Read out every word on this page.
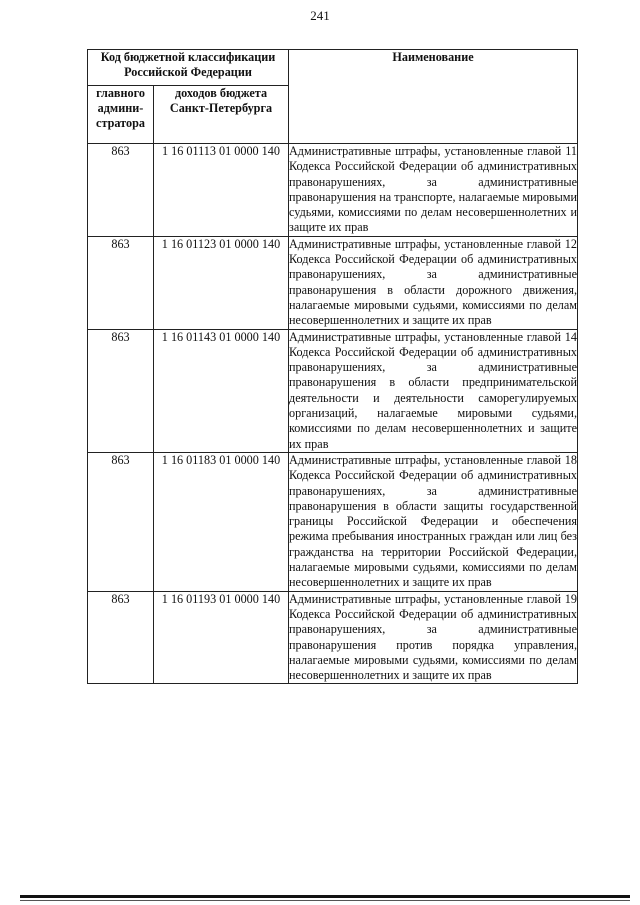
241
Код бюджетной классификации Российской Федерации		Наименование
главного админи-стратора	доходов бюджета Санкт-Петербурга	
863	1 16 01113 01 0000 140	Административные штрафы, установленные главой 11 Кодекса Российской Федерации об административных правонарушениях, за административные правонарушения на транспорте, налагаемые мировыми судьями, комиссиями по делам несовершеннолетних и защите их прав
863	1 16 01123 01 0000 140	Административные штрафы, установленные главой 12 Кодекса Российской Федерации об административных правонарушениях, за административные правонарушения в области дорожного движения, налагаемые мировыми судьями, комиссиями по делам несовершеннолетних и защите их прав
863	1 16 01143 01 0000 140	Административные штрафы, установленные главой 14 Кодекса Российской Федерации об административных правонарушениях, за административные правонарушения в области предпринимательской деятельности и деятельности саморегулируемых организаций, налагаемые мировыми судьями, комиссиями по делам несовершеннолетних и защите их прав
863	1 16 01183 01 0000 140	Административные штрафы, установленные главой 18 Кодекса Российской Федерации об административных правонарушениях, за административные правонарушения в области защиты государственной границы Российской Федерации и обеспечения режима пребывания иностранных граждан или лиц без гражданства на территории Российской Федерации, налагаемые мировыми судьями, комиссиями по делам несовершеннолетних и защите их прав
863	1 16 01193 01 0000 140	Административные штрафы, установленные главой 19 Кодекса Российской Федерации об административных правонарушениях, за административные правонарушения против порядка управления, налагаемые мировыми судьями, комиссиями по делам несовершеннолетних и защите их прав
